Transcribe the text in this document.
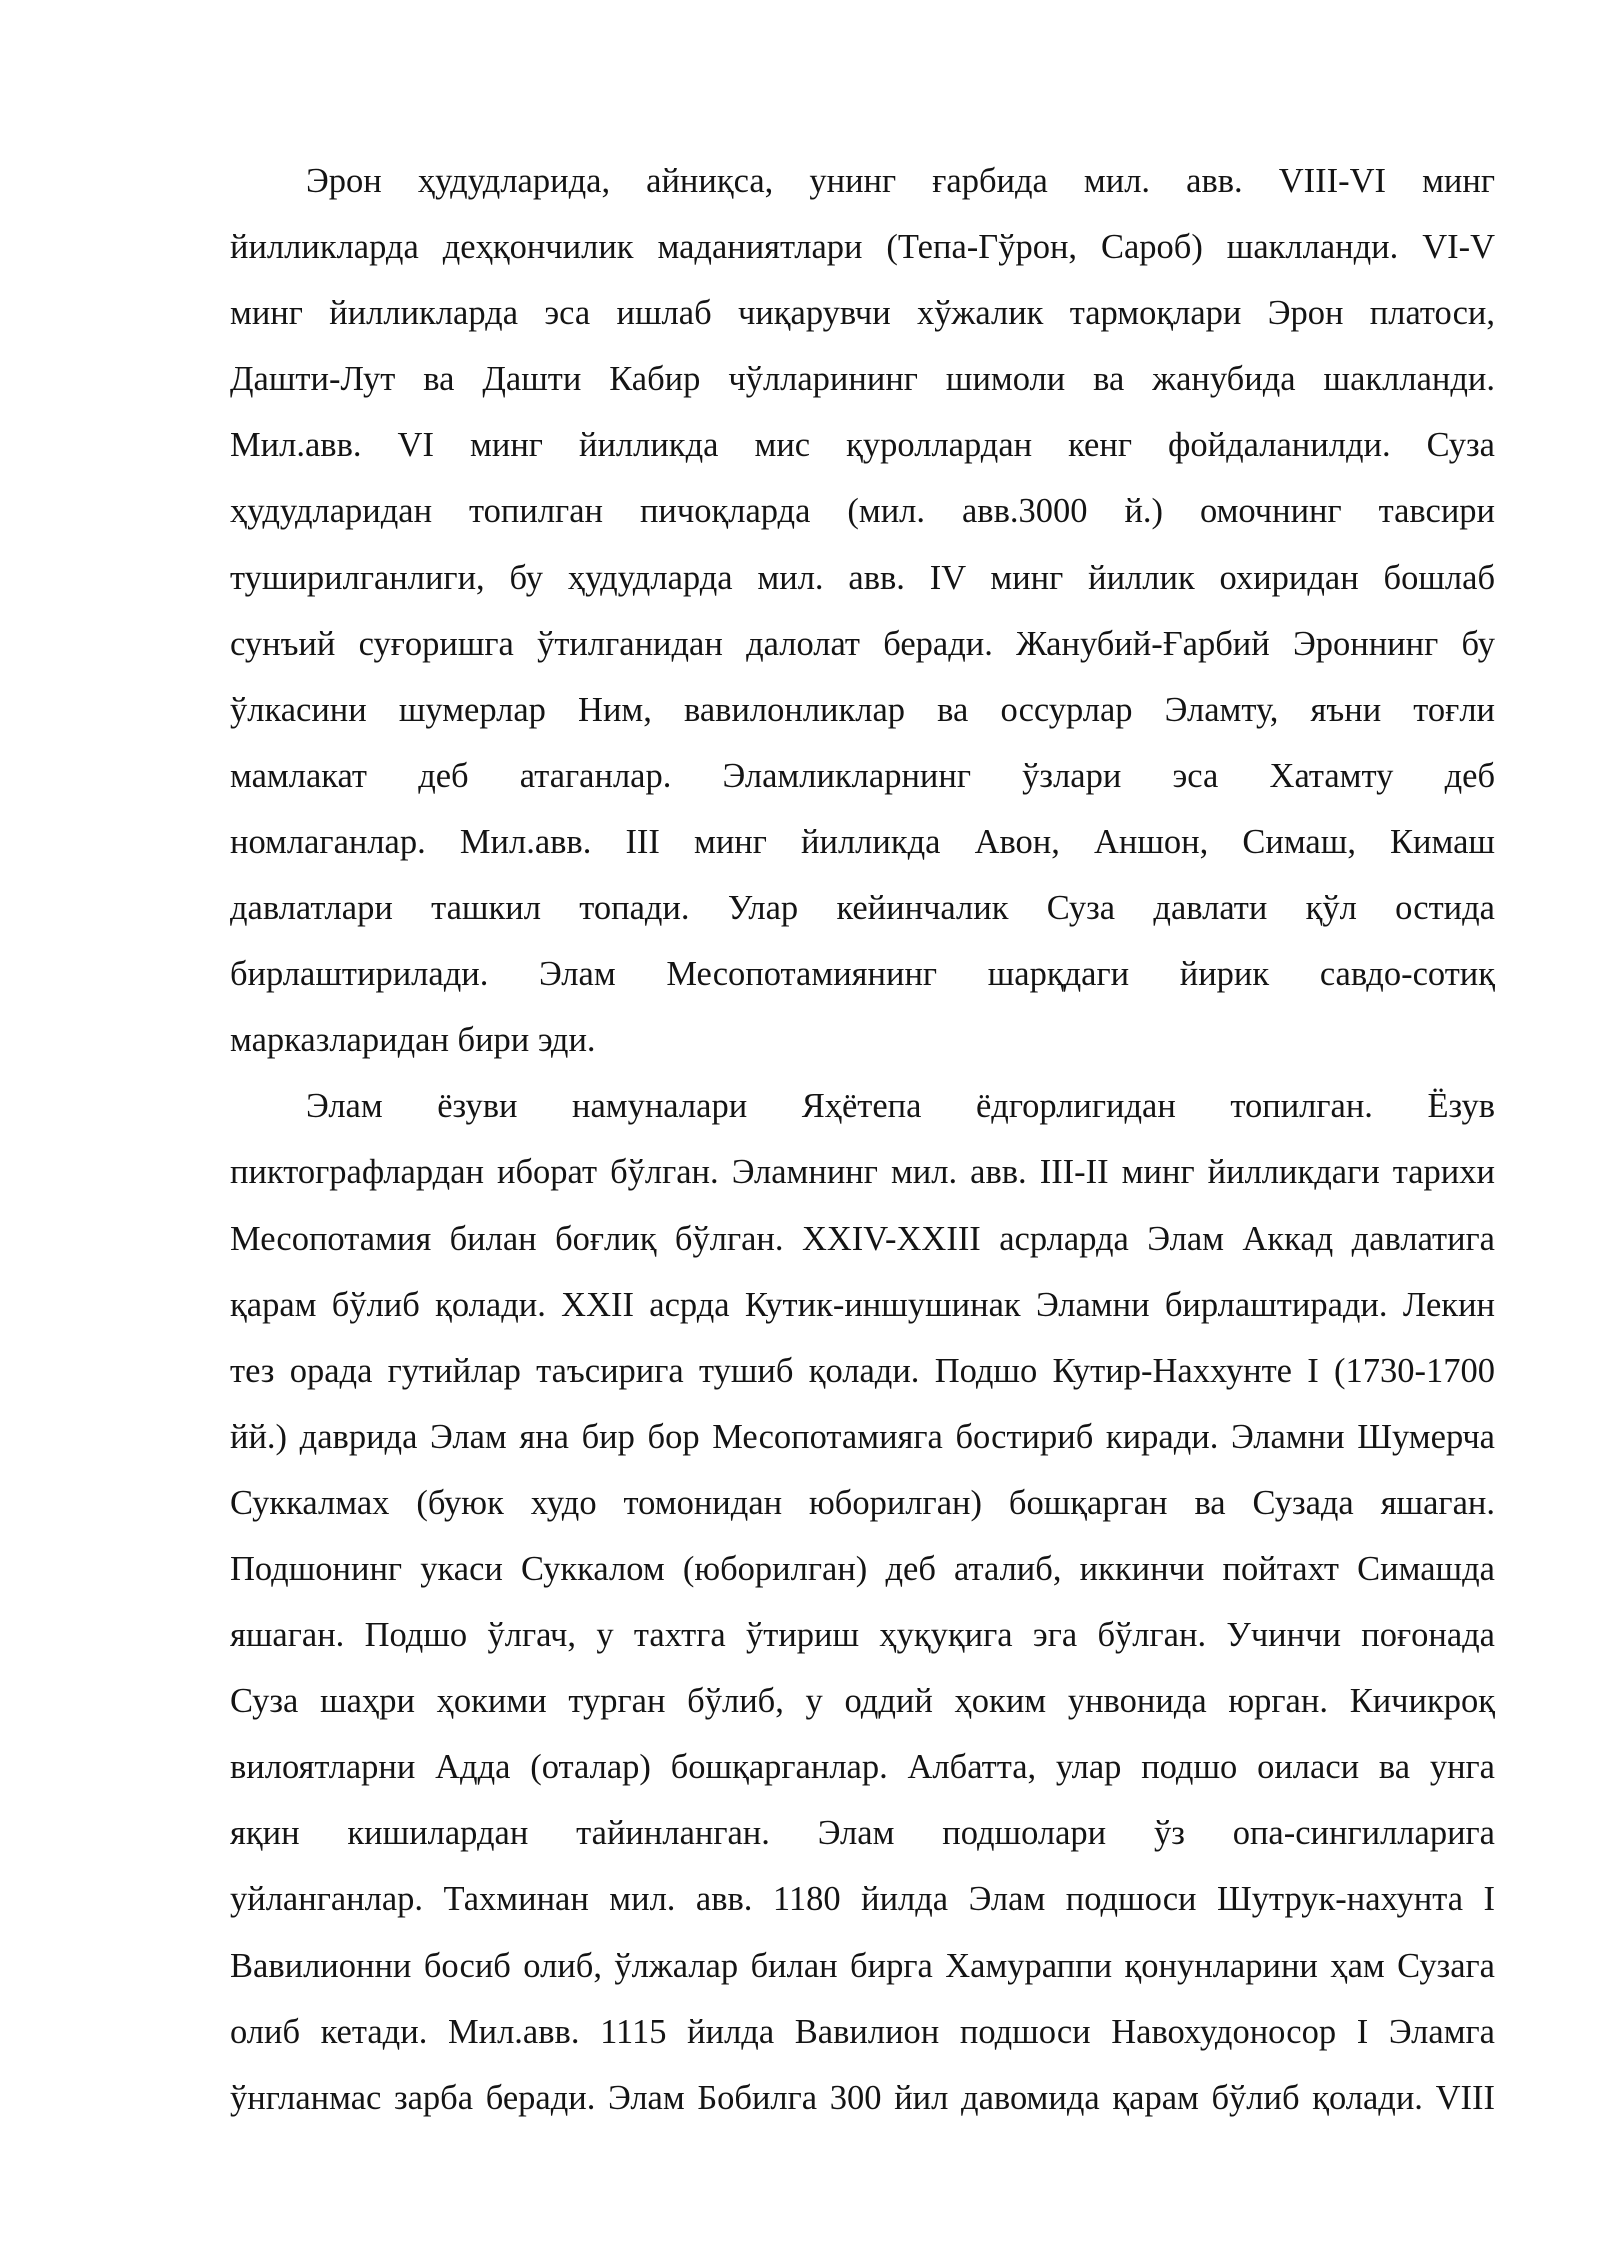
Эрон ҳудудларида, айниқса, унинг ғарбида мил. авв. VIII-VI минг
йилликларда деҳқончилик маданиятлари (Тепа-Гўрон, Сароб) шаклланди. VI-V
минг йилликларда эса ишлаб чиқарувчи хўжалик тармоқлари Эрон платоси,
Дашти-Лут ва Дашти Кабир чўлларининг шимоли ва жанубида шаклланди.
Мил.авв. VI минг йилликда мис қуроллардан кенг фойдаланилди. Суза
ҳудудларидан топилган пичоқларда (мил. авв.3000 й.) омочнинг тавсири
туширилганлиги, бу ҳудудларда мил. авв. IV минг йиллик охиридан бошлаб
сунъий суғоришга ўтилганидан далолат беради. Жанубий-Ғарбий Эроннинг бу
ўлкасини шумерлар Ним, вавилонликлар ва оссурлар Эламту, яъни тоғли
мамлакат деб атаганлар. Эламликларнинг ўзлари эса Хатамту деб
номлаганлар. Мил.авв. III минг йилликда Авон, Аншон, Симаш, Кимаш
давлатлари ташкил топади. Улар кейинчалик Суза давлати қўл остида
бирлаштирилади. Элам Месопотамиянинг шарқдаги йирик савдо-сотиқ
марказларидан бири эди.
Элам ёзуви намуналари Яҳётепа ёдгорлигидан топилган. Ёзув
пиктографлардан иборат бўлган. Эламнинг мил. авв. III-II минг йилликдаги тарихи
Месопотамия билан боғлиқ бўлган. XXIV-XXIII асрларда Элам Аккад давлатига
қарам бўлиб қолади. XXII асрда Кутик-иншушинак Эламни бирлаштиради. Лекин
тез орада гутийлар таъсирига тушиб қолади. Подшо Кутир-Наххунте I (1730-1700
йй.) даврида Элам яна бир бор Месопотамияга бостириб киради. Эламни Шумерча
Суккалмах (буюк худо томонидан юборилган) бошқарган ва Сузада яшаган.
Подшонинг укаси Суккалом (юборилган) деб аталиб, иккинчи пойтахт Симашда
яшаган. Подшо ўлгач, у тахтга ўтириш ҳуқуқига эга бўлган. Учинчи поғонада
Суза шаҳри ҳокими турган бўлиб, у оддий ҳоким унвонида юрган. Кичикроқ
вилоятларни Адда (оталар) бошқарганлар. Албатта, улар подшо оиласи ва унга
яқин кишилардан тайинланган. Элам подшолари ўз опа-сингилларига
уйланганлар. Тахминан мил. авв. 1180 йилда Элам подшоси Шутрук-нахунта I
Вавилионни босиб олиб, ўлжалар билан бирга Хамураппи қонунларини ҳам Сузага
олиб кетади. Мил.авв. 1115 йилда Вавилион подшоси Навохудоносор I Эламга
ўнгланмас зарба беради. Элам Бобилга 300 йил давомида қарам бўлиб қолади. VIII
